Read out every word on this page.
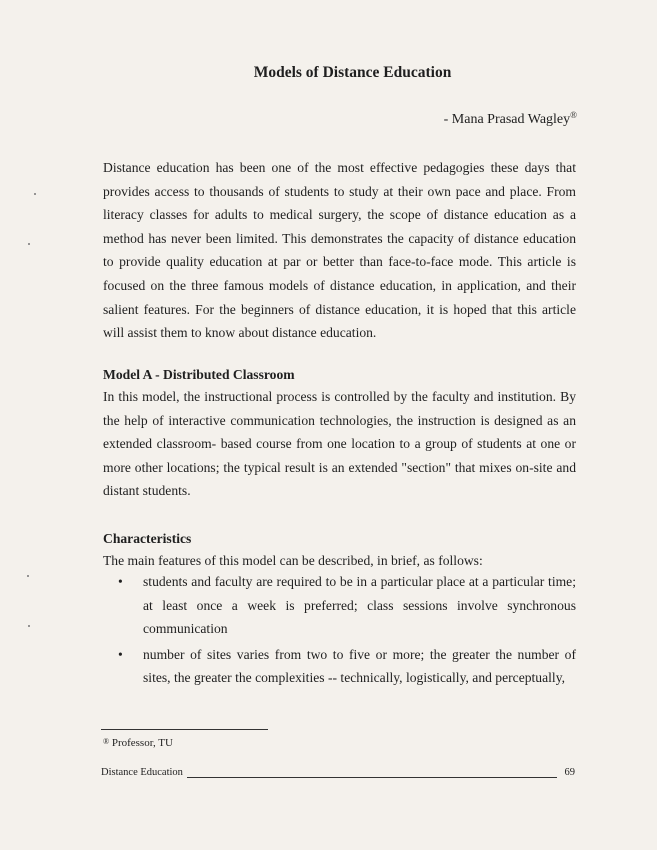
Models of Distance Education
- Mana Prasad Wagley®
Distance education has been one of the most effective pedagogies these days that provides access to thousands of students to study at their own pace and place. From literacy classes for adults to medical surgery, the scope of distance education as a method has never been limited. This demonstrates the capacity of distance education to provide quality education at par or better than face-to-face mode. This article is focused on the three famous models of distance education, in application, and their salient features. For the beginners of distance education, it is hoped that this article will assist them to know about distance education.
Model A - Distributed Classroom
In this model, the instructional process is controlled by the faculty and institution. By the help of interactive communication technologies, the instruction is designed as an extended classroom- based course from one location to a group of students at one or more other locations; the typical result is an extended "section" that mixes on-site and distant students.
Characteristics
The main features of this model can be described, in brief, as follows:
• students and faculty are required to be in a particular place at a particular time; at least once a week is preferred; class sessions involve synchronous communication
• number of sites varies from two to five or more; the greater the number of sites, the greater the complexities -- technically, logistically, and perceptually,
® Professor, TU
Distance Education	69
